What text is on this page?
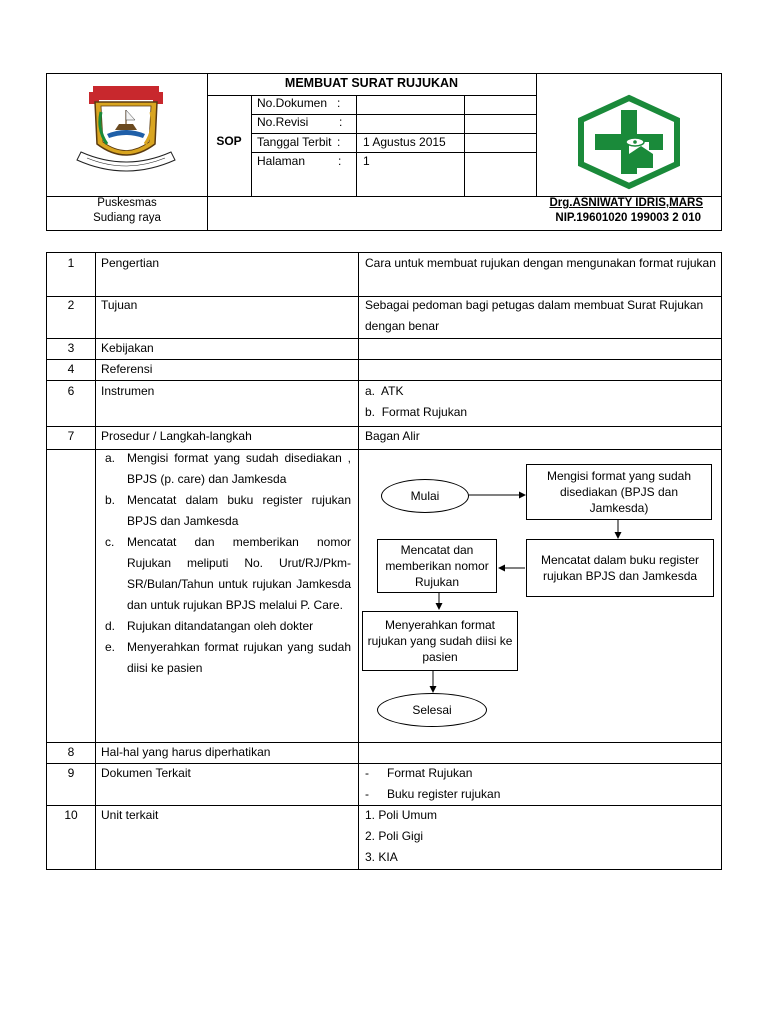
MEMBUAT SURAT RUJUKAN
SOP
No.Dokumen :
No.Revisi	:
Tanggal Terbit : 1 Agustus 2015
Halaman	: 1
Puskesmas
Sudiang raya
Drg.ASNIWATY IDRIS,MARS
NIP.19601020 199003 2 010
1	Pengertian	Cara untuk membuat rujukan dengan mengunakan format rujukan
2	Tujuan	Sebagai pedoman bagi petugas dalam membuat Surat Rujukan dengan benar
3	Kebijakan
4	Referensi
6	Instrumen	a. ATK
b. Format Rujukan
7	Prosedur / Langkah-langkah	Bagan Alir
a. Mengisi format yang sudah disediakan , BPJS (p. care) dan Jamkesda
b. Mencatat dalam buku register rujukan BPJS dan Jamkesda
c. Mencatat dan memberikan nomor Rujukan meliputi No. Urut/RJ/Pkm-SR/Bulan/Tahun untuk rujukan Jamkesda dan untuk rujukan BPJS melalui P. Care.
d. Rujukan ditandatangan oleh dokter
e. Menyerahkan format rujukan yang sudah diisi ke pasien
Mulai
Mengisi format yang sudah disediakan (BPJS dan Jamkesda)
Mencatat dalam buku register rujukan BPJS dan Jamkesda
Mencatat dan memberikan nomor Rujukan
Menyerahkan format rujukan yang sudah diisi ke pasien
Selesai
8	Hal-hal yang harus diperhatikan
9	Dokumen Terkait	- Format Rujukan
- Buku register rujukan
10	Unit terkait	1. Poli Umum
2. Poli Gigi
3. KIA
